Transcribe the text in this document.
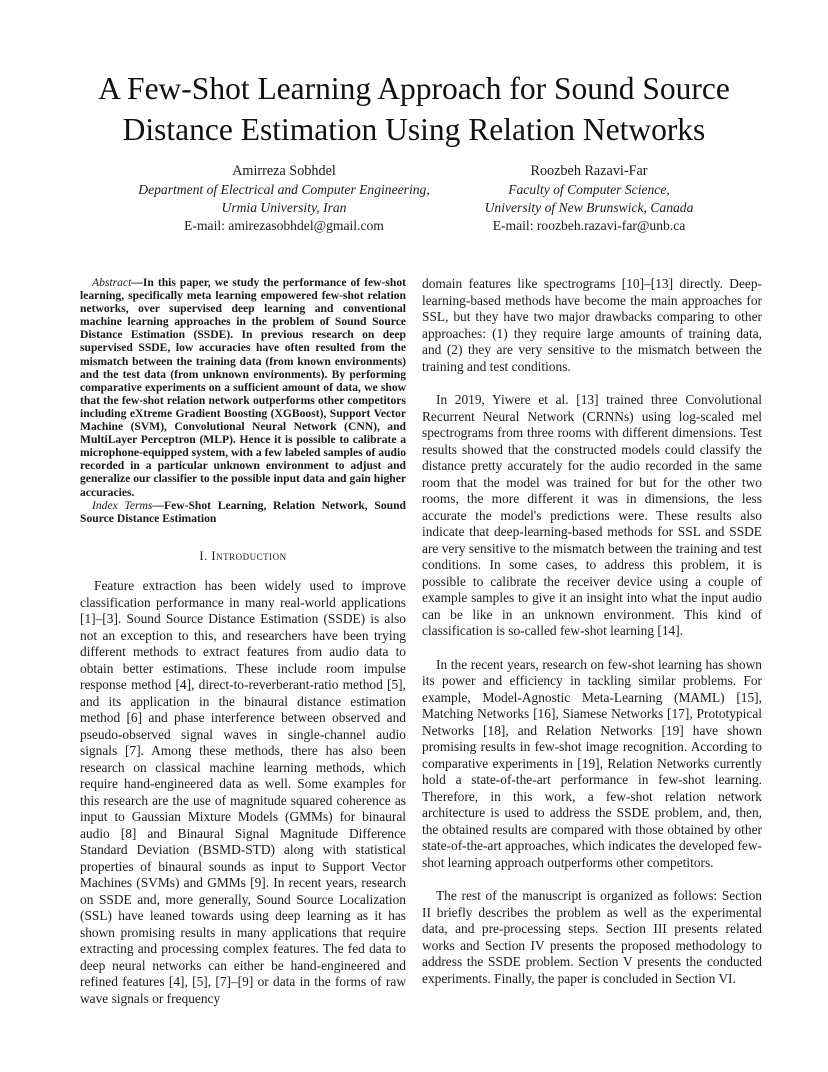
A Few-Shot Learning Approach for Sound Source Distance Estimation Using Relation Networks
Amirreza Sobhdel
Department of Electrical and Computer Engineering,
Urmia University, Iran
E-mail: amirezasobhdel@gmail.com
Roozbeh Razavi-Far
Faculty of Computer Science,
University of New Brunswick, Canada
E-mail: roozbeh.razavi-far@unb.ca

Abstract—In this paper, we study the performance of few-shot learning, specifically meta learning empowered few-shot relation networks, over supervised deep learning and conventional machine learning approaches in the problem of Sound Source Distance Estimation (SSDE). In previous research on deep supervised SSDE, low accuracies have often resulted from the mismatch between the training data (from known environments) and the test data (from unknown environments). By performing comparative experiments on a sufficient amount of data, we show that the few-shot relation network outperforms other competitors including eXtreme Gradient Boosting (XGBoost), Support Vector Machine (SVM), Convolutional Neural Network (CNN), and MultiLayer Perceptron (MLP). Hence it is possible to calibrate a microphone-equipped system, with a few labeled samples of audio recorded in a particular unknown environment to adjust and generalize our classifier to the possible input data and gain higher accuracies.

Index Terms—Few-Shot Learning, Relation Network, Sound Source Distance Estimation

I. Introduction

Feature extraction has been widely used to improve classification performance in many real-world applications [1]–[3]. Sound Source Distance Estimation (SSDE) is also not an exception to this, and researchers have been trying different methods to extract features from audio data to obtain better estimations. These include room impulse response method [4], direct-to-reverberant-ratio method [5], and its application in the binaural distance estimation method [6] and phase interference between observed and pseudo-observed signal waves in single-channel audio signals [7]. Among these methods, there has also been research on classical machine learning methods, which require hand-engineered data as well. Some examples for this research are the use of magnitude squared coherence as input to Gaussian Mixture Models (GMMs) for binaural audio [8] and Binaural Signal Magnitude Difference Standard Deviation (BSMD-STD) along with statistical properties of binaural sounds as input to Support Vector Machines (SVMs) and GMMs [9]. In recent years, research on SSDE and, more generally, Sound Source Localization (SSL) have leaned towards using deep learning as it has shown promising results in many applications that require extracting and processing complex features. The fed data to deep neural networks can either be hand-engineered and refined features [4], [5], [7]–[9] or data in the forms of raw wave signals or frequency

domain features like spectrograms [10]–[13] directly. Deep-learning-based methods have become the main approaches for SSL, but they have two major drawbacks comparing to other approaches: (1) they require large amounts of training data, and (2) they are very sensitive to the mismatch between the training and test conditions.

In 2019, Yiwere et al. [13] trained three Convolutional Recurrent Neural Network (CRNNs) using log-scaled mel spectrograms from three rooms with different dimensions. Test results showed that the constructed models could classify the distance pretty accurately for the audio recorded in the same room that the model was trained for but for the other two rooms, the more different it was in dimensions, the less accurate the model's predictions were. These results also indicate that deep-learning-based methods for SSL and SSDE are very sensitive to the mismatch between the training and test conditions. In some cases, to address this problem, it is possible to calibrate the receiver device using a couple of example samples to give it an insight into what the input audio can be like in an unknown environment. This kind of classification is so-called few-shot learning [14].

In the recent years, research on few-shot learning has shown its power and efficiency in tackling similar problems. For example, Model-Agnostic Meta-Learning (MAML) [15], Matching Networks [16], Siamese Networks [17], Prototypical Networks [18], and Relation Networks [19] have shown promising results in few-shot image recognition. According to comparative experiments in [19], Relation Networks currently hold a state-of-the-art performance in few-shot learning. Therefore, in this work, a few-shot relation network architecture is used to address the SSDE problem, and, then, the obtained results are compared with those obtained by other state-of-the-art approaches, which indicates the developed few-shot learning approach outperforms other competitors.

The rest of the manuscript is organized as follows: Section II briefly describes the problem as well as the experimental data, and pre-processing steps. Section III presents related works and Section IV presents the proposed methodology to address the SSDE problem. Section V presents the conducted experiments. Finally, the paper is concluded in Section VI.
